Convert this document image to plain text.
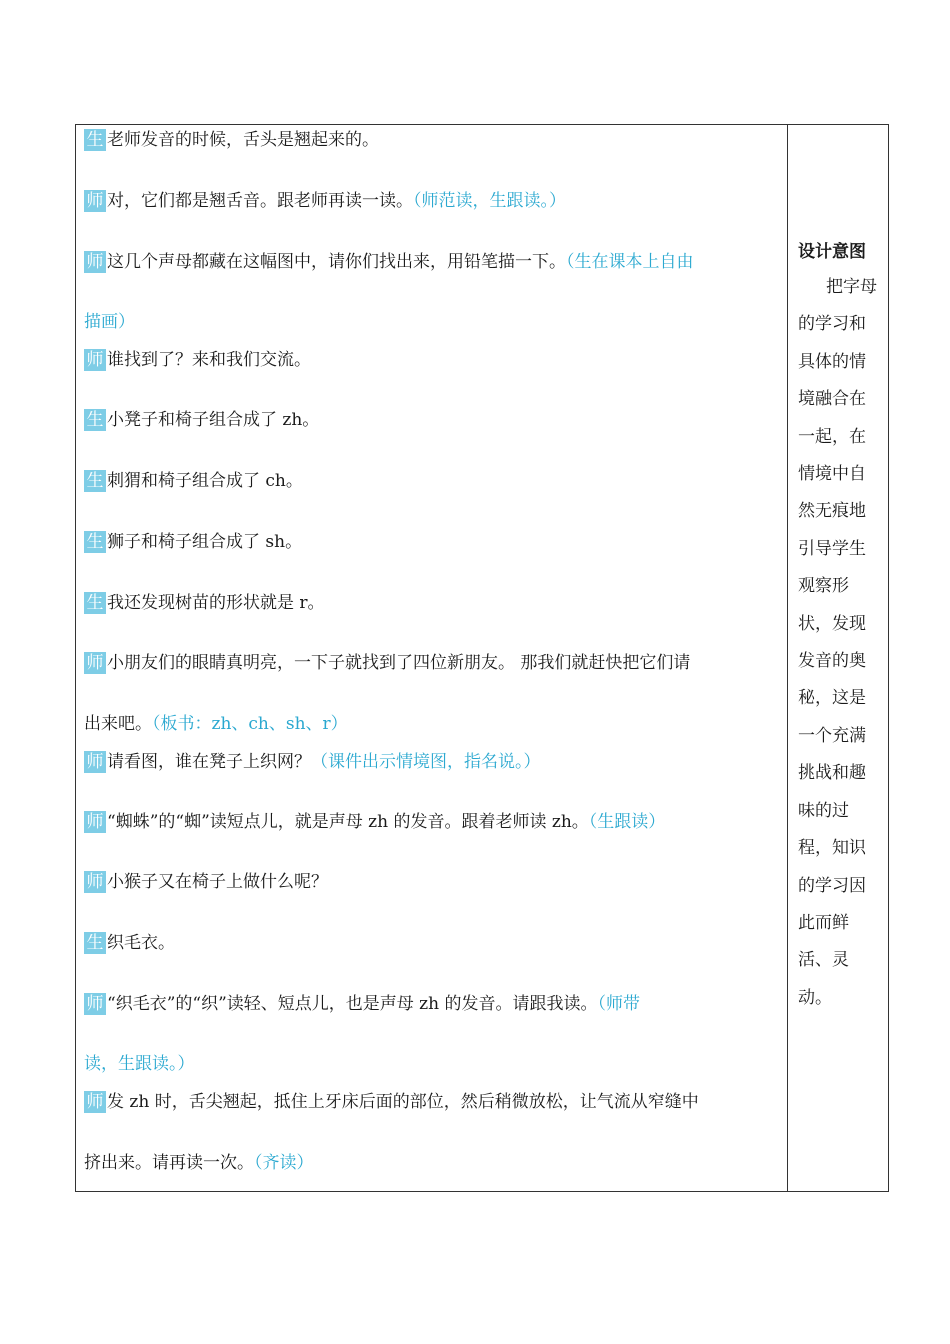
生 老师发音的时候，舌头是翘起来的。
师 对，它们都是翘舌音。跟老师再读一读。（师范读，生跟读。）
师 这几个声母都藏在这幅图中，请你们找出来，用铅笔描一下。（生在课本上自由
描画）
师 谁找到了？来和我们交流。
生 小凳子和椅子组合成了 zh。
生 刺猬和椅子组合成了 ch。
生 狮子和椅子组合成了 sh。
生 我还发现树苗的形状就是 r。
师 小朋友们的眼睛真明亮，一下子就找到了四位新朋友。 那我们就赶快把它们请
出来吧。（板书：zh、ch、sh、r）
师 请看图，谁在凳子上织网？（课件出示情境图，指名说。）
师 “蜘蛛”的“蜘”读短点儿，就是声母 zh 的发音。跟着老师读 zh。（生跟读）
师 小猴子又在椅子上做什么呢？
生 织毛衣。
师 “织毛衣”的“织”读轻、短点儿，也是声母 zh 的发音。请跟我读。（师带
读，生跟读。）
师 发 zh 时，舌尖翘起，抵住上牙床后面的部位，然后稍微放松，让气流从窄缝中
挤出来。请再读一次。（齐读）
设计意图
把字母的学习和具体的情境融合在一起，在情境中自然无痕地引导学生观察形状，发现发音的奥秘，这是一个充满挑战和趣味的过程，知识的学习因此而鲜活、灵动。
